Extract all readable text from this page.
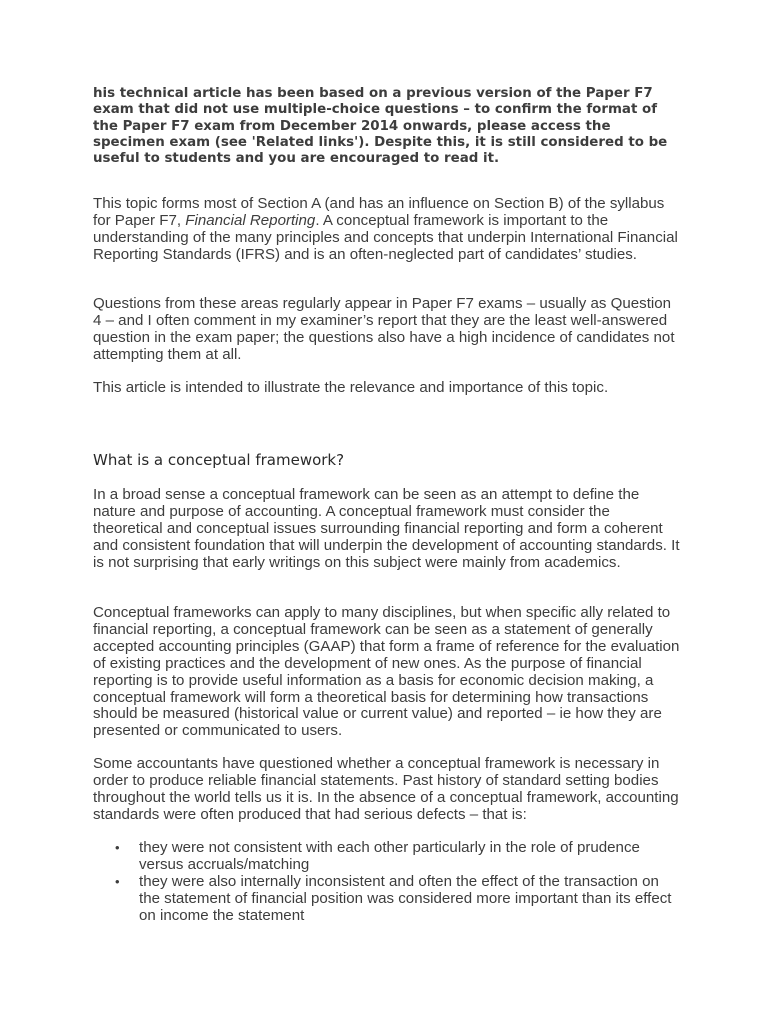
his technical article has been based on a previous version of the Paper F7 exam that did not use multiple-choice questions – to confirm the format of the Paper F7 exam from December 2014 onwards, please access the specimen exam (see 'Related links'). Despite this, it is still considered to be useful to students and you are encouraged to read it.

This topic forms most of Section A (and has an influence on Section B) of the syllabus for Paper F7, Financial Reporting. A conceptual framework is important to the understanding of the many principles and concepts that underpin International Financial Reporting Standards (IFRS) and is an often-neglected part of candidates’ studies.

Questions from these areas regularly appear in Paper F7 exams – usually as Question 4 – and I often comment in my examiner’s report that they are the least well-answered question in the exam paper; the questions also have a high incidence of candidates not attempting them at all.

This article is intended to illustrate the relevance and importance of this topic.

What is a conceptual framework?

In a broad sense a conceptual framework can be seen as an attempt to define the nature and purpose of accounting. A conceptual framework must consider the theoretical and conceptual issues surrounding financial reporting and form a coherent and consistent foundation that will underpin the development of accounting standards. It is not surprising that early writings on this subject were mainly from academics.

Conceptual frameworks can apply to many disciplines, but when specific ally related to financial reporting, a conceptual framework can be seen as a statement of generally accepted accounting principles (GAAP) that form a frame of reference for the evaluation of existing practices and the development of new ones. As the purpose of financial reporting is to provide useful information as a basis for economic decision making, a conceptual framework will form a theoretical basis for determining how transactions should be measured (historical value or current value) and reported – ie how they are presented or communicated to users.

Some accountants have questioned whether a conceptual framework is necessary in order to produce reliable financial statements. Past history of standard setting bodies throughout the world tells us it is. In the absence of a conceptual framework, accounting standards were often produced that had serious defects – that is:

• they were not consistent with each other particularly in the role of prudence versus accruals/matching
• they were also internally inconsistent and often the effect of the transaction on the statement of financial position was considered more important than its effect on income the statement
